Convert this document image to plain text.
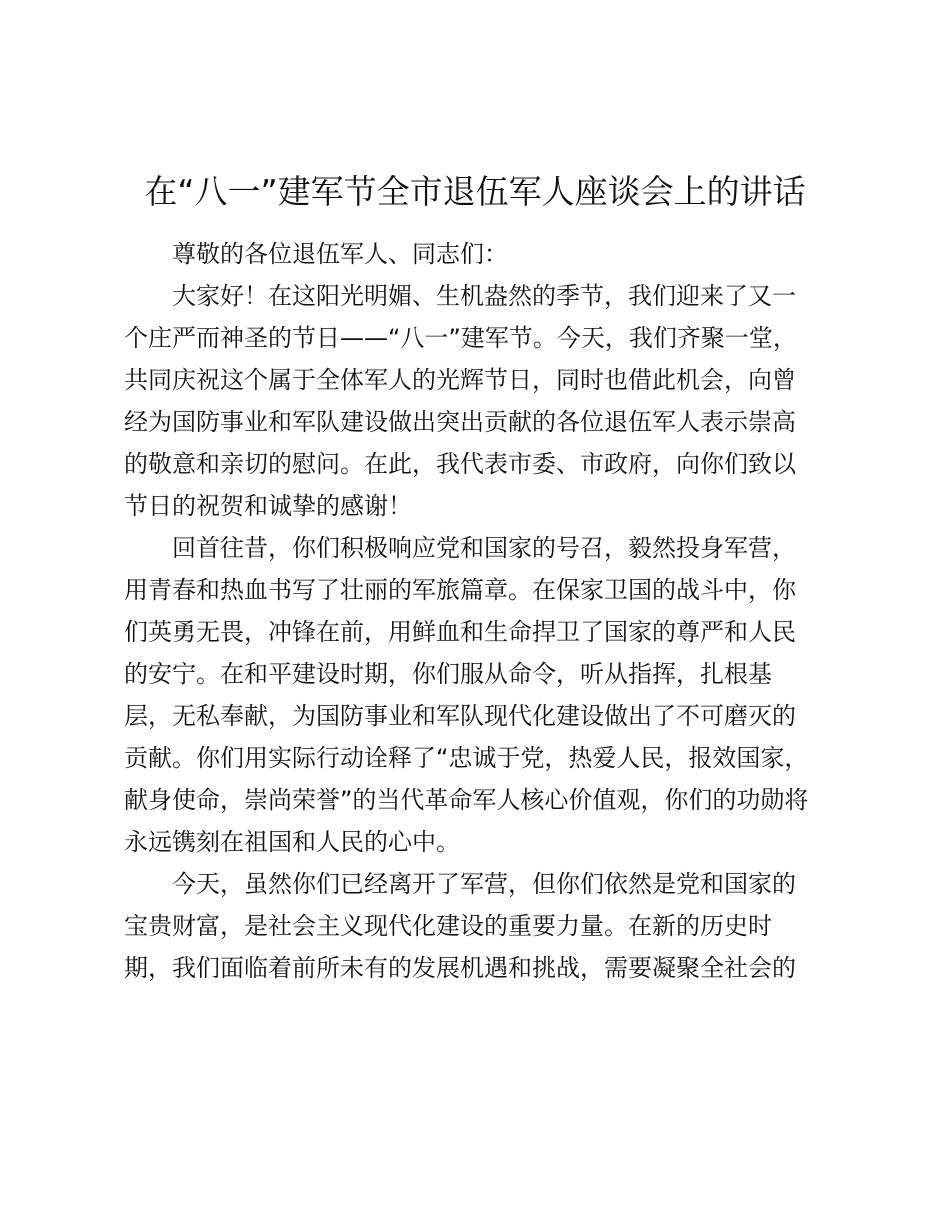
在“八一”建军节全市退伍军人座谈会上的讲话
尊敬的各位退伍军人、同志们：
大家好！在这阳光明媚、生机盎然的季节，我们迎来了又一
个庄严而神圣的节日——“八一”建军节。今天，我们齐聚一堂，
共同庆祝这个属于全体军人的光辉节日，同时也借此机会，向曾
经为国防事业和军队建设做出突出贡献的各位退伍军人表示崇高
的敬意和亲切的慰问。在此，我代表市委、市政府，向你们致以
节日的祝贺和诚挚的感谢！
回首往昔，你们积极响应党和国家的号召，毅然投身军营，
用青春和热血书写了壮丽的军旅篇章。在保家卫国的战斗中，你
们英勇无畏，冲锋在前，用鲜血和生命捍卫了国家的尊严和人民
的安宁。在和平建设时期，你们服从命令，听从指挥，扎根基
层，无私奉献，为国防事业和军队现代化建设做出了不可磨灭的
贡献。你们用实际行动诠释了“忠诚于党，热爱人民，报效国家，
献身使命，崇尚荣誉”的当代革命军人核心价值观，你们的功勋将
永远镌刻在祖国和人民的心中。
今天，虽然你们已经离开了军营，但你们依然是党和国家的
宝贵财富，是社会主义现代化建设的重要力量。在新的历史时
期，我们面临着前所未有的发展机遇和挑战，需要凝聚全社会的
